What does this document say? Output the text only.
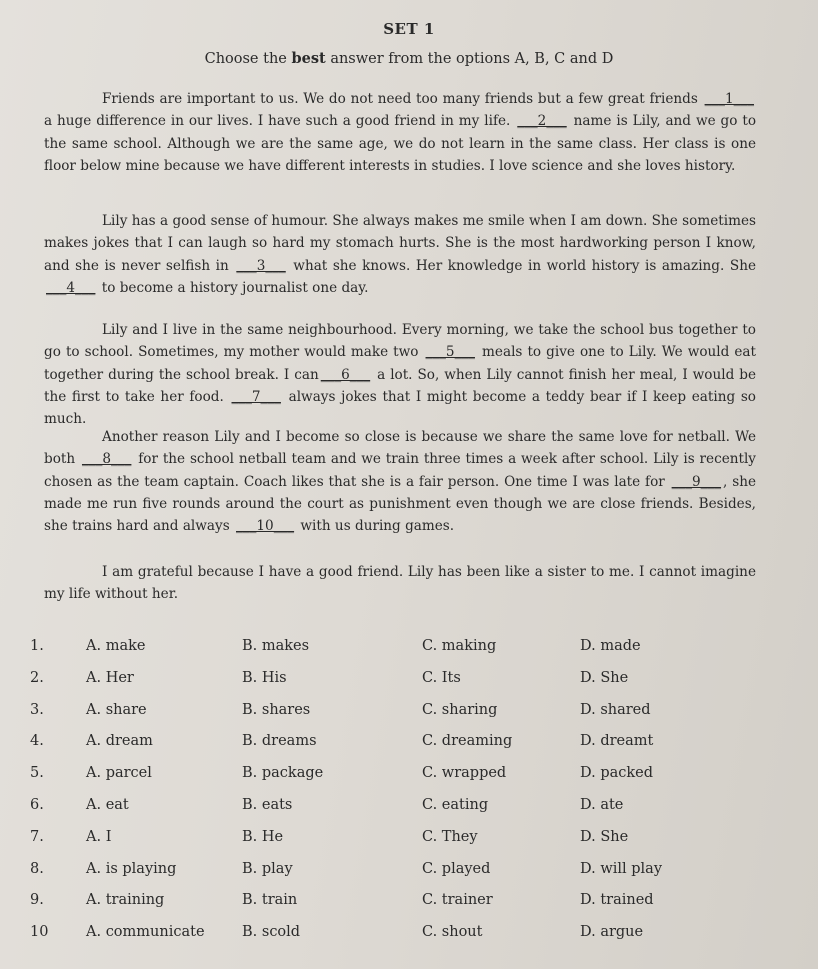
SET 1
Choose the best answer from the options A, B, C and D

Friends are important to us. We do not need too many friends but a few great friends ___1___ a huge difference in our lives. I have such a good friend in my life. ___2___ name is Lily, and we go to the same school. Although we are the same age, we do not learn in the same class. Her class is one floor below mine because we have different interests in studies. I love science and she loves history.

Lily has a good sense of humour. She always makes me smile when I am down. She sometimes makes jokes that I can laugh so hard my stomach hurts. She is the most hardworking person I know, and she is never selfish in ___3___ what she knows. Her knowledge in world history is amazing. She ___4___ to become a history journalist one day.

Lily and I live in the same neighbourhood. Every morning, we take the school bus together to go to school. Sometimes, my mother would make two ___5___ meals to give one to Lily. We would eat together during the school break. I can ___6___ a lot. So, when Lily cannot finish her meal, I would be the first to take her food. ___7___ always jokes that I might become a teddy bear if I keep eating so much.

Another reason Lily and I become so close is because we share the same love for netball. We both ___8___ for the school netball team and we train three times a week after school. Lily is recently chosen as the team captain. Coach likes that she is a fair person. One time I was late for ___9___ , she made me run five rounds around the court as punishment even though we are close friends. Besides, she trains hard and always ___10___ with us during games.

I am grateful because I have a good friend. Lily has been like a sister to me. I cannot imagine my life without her.

1.	A. make	B. makes	C. making	D. made
2.	A. Her	B. His	C. Its	D. She
3.	A. share	B. shares	C. sharing	D. shared
4.	A. dream	B. dreams	C. dreaming	D. dreamt
5.	A. parcel	B. package	C. wrapped	D. packed
6.	A. eat	B. eats	C. eating	D. ate
7.	A. I	B. He	C. They	D. She
8.	A. is playing	B. play	C. played	D. will play
9.	A. training	B. train	C. trainer	D. trained
10	A. communicate	B. scold	C. shout	D. argue
